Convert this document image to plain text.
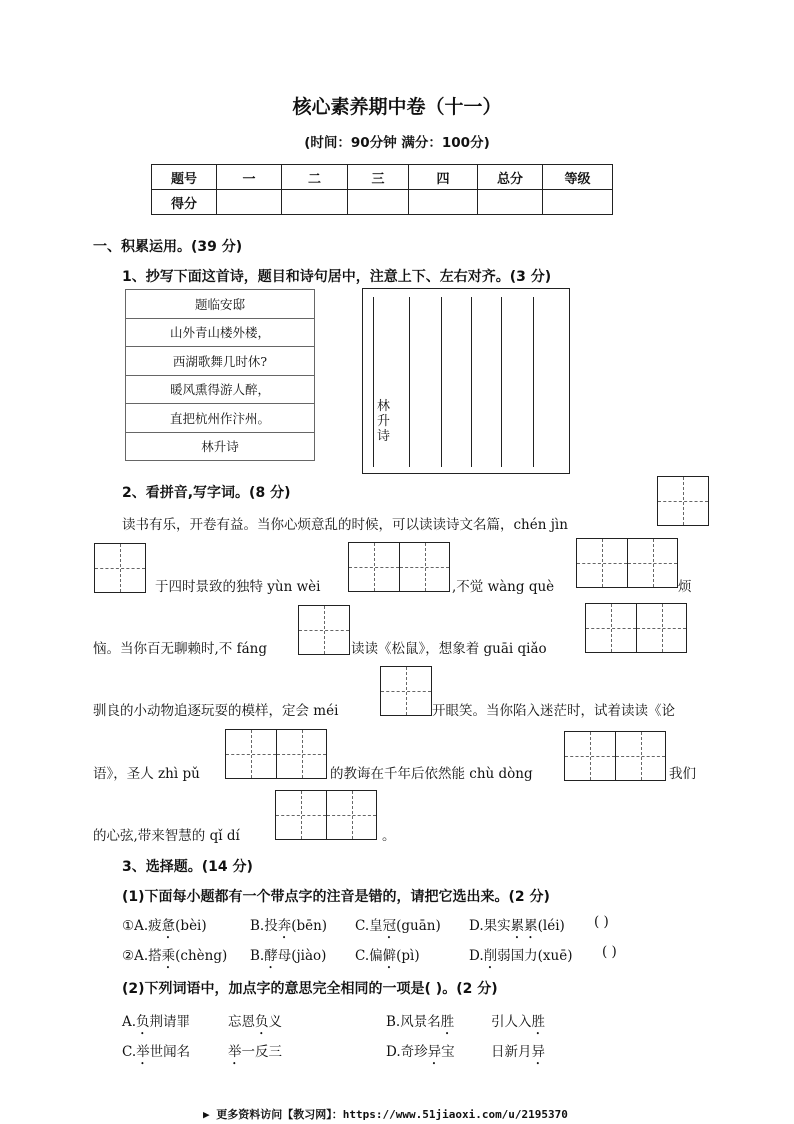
核心素养期中卷（十一）
(时间：90分钟 满分：100分)
题号	一	二	三	四	总分	等级
得分						
一、积累运用。(39 分)
1、抄写下面这首诗，题目和诗句居中，注意上下、左右对齐。(3 分)
题临安邸
山外青山楼外楼，
西湖歌舞几时休?
暖风熏得游人醉，
直把杭州作汴州。
林升诗
林升诗
2、看拼音,写字词。(8 分)
读书有乐，开卷有益。当你心烦意乱的时候，可以读读诗文名篇，chén jìn
于四时景致的独特 yùn wèi	,不觉 wàng què	烦
恼。当你百无聊赖时,不 fáng	读读《松鼠》，想象着 guāi qiǎo
驯良的小动物追逐玩耍的模样，定会 méi	开眼笑。当你陷入迷茫时，试着读读《论
语》，圣人 zhì pǔ	的教诲在千年后依然能 chù dòng	我们
的心弦,带来智慧的 qǐ dí	。
3、选择题。(14 分)
(1)下面每小题都有一个带点字的注音是错的，请把它选出来。(2 分)
①A.疲惫(bèi)	B.投奔(bēn) C.皇冠(guān) D.果实累累(léi) ( )
②A.搭乘(chèng) B.酵母(jiào) C.偏僻(pì)	D.削弱国力(xuē) ( )
(2)下列词语中，加点字的意思完全相同的一项是( )。(2 分)
A.负荆请罪	忘恩负义	B.风景名胜	引人入胜
C.举世闻名	举一反三	D.奇珍异宝	日新月异
▶ 更多资料访问【教习网】：https://www.51jiaoxi.com/u/2195370
